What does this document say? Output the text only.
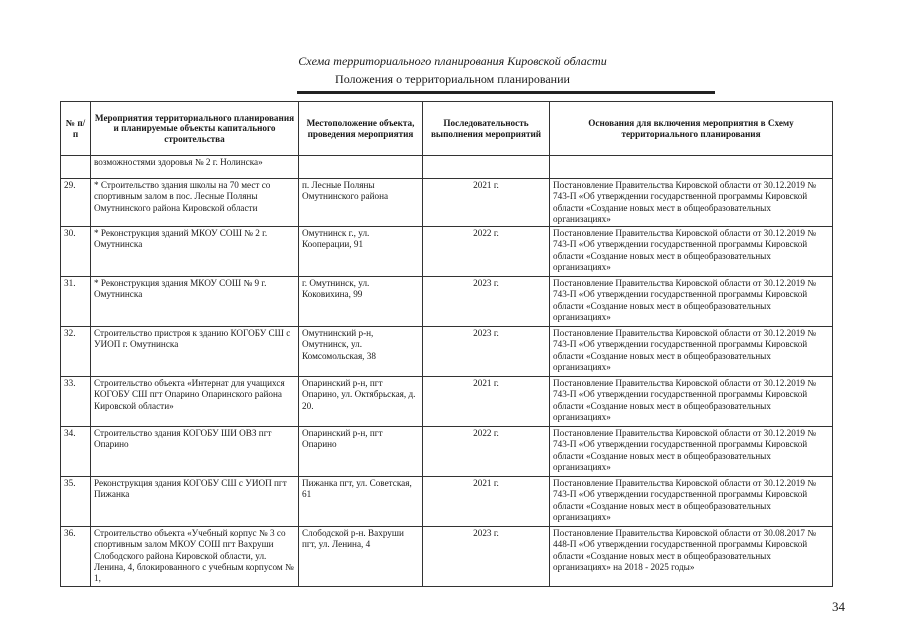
Схема территориального планирования Кировской области
Положения о территориальном планировании
№ п/п	Мероприятия территориального планирования и планируемые объекты капитального строительства	Местоположение объекта, проведения мероприятия	Последовательность выполнения мероприятий	Основания для включения мероприятия в Схему территориального планирования
	возможностями здоровья № 2 г. Нолинска»			
29.	* Строительство здания школы на 70 мест со спортивным залом в пос. Лесные Поляны Омутнинского района Кировской области	п. Лесные Поляны Омутнинского района	2021 г.	Постановление Правительства Кировской области от 30.12.2019 № 743-П «Об утверждении государственной программы Кировской области «Создание новых мест в общеобразовательных организациях»
30.	* Реконструкция зданий МКОУ СОШ № 2 г. Омутнинска	Омутнинск г., ул. Кооперации, 91	2022 г.	Постановление Правительства Кировской области от 30.12.2019 № 743-П «Об утверждении государственной программы Кировской области «Создание новых мест в общеобразовательных организациях»
31.	* Реконструкция здания МКОУ СОШ № 9 г. Омутнинска	г. Омутнинск, ул. Коковихина, 99	2023 г.	Постановление Правительства Кировской области от 30.12.2019 № 743-П «Об утверждении государственной программы Кировской области «Создание новых мест в общеобразовательных организациях»
32.	Строительство пристроя к зданию КОГОБУ СШ с УИОП г. Омутнинска	Омутнинский р-н, Омутнинск, ул. Комсомольская, 38	2023 г.	Постановление Правительства Кировской области от 30.12.2019 № 743-П «Об утверждении государственной программы Кировской области «Создание новых мест в общеобразовательных организациях»
33.	Строительство объекта «Интернат для учащихся КОГОБУ СШ пгт Опарино Опаринского района Кировской области»	Опаринский р-н, пгт Опарино, ул. Октябрьская, д. 20.	2021 г.	Постановление Правительства Кировской области от 30.12.2019 № 743-П «Об утверждении государственной программы Кировской области «Создание новых мест в общеобразовательных организациях»
34.	Строительство здания КОГОБУ ШИ ОВЗ пгт Опарино	Опаринский р-н, пгт Опарино	2022 г.	Постановление Правительства Кировской области от 30.12.2019 № 743-П «Об утверждении государственной программы Кировской области «Создание новых мест в общеобразовательных организациях»
35.	Реконструкция здания КОГОБУ СШ с УИОП пгт Пижанка	Пижанка пгт, ул. Советская, 61	2021 г.	Постановление Правительства Кировской области от 30.12.2019 № 743-П «Об утверждении государственной программы Кировской области «Создание новых мест в общеобразовательных организациях»
36.	Строительство объекта «Учебный корпус № 3 со спортивным залом МКОУ СОШ пгт Вахруши Слободского района Кировской области, ул. Ленина, 4, блокированного с учебным корпусом № 1,	Слободской р-н. Вахруши пгт, ул. Ленина, 4	2023 г.	Постановление Правительства Кировской области от 30.08.2017 № 448-П «Об утверждении государственной программы Кировской области «Создание новых мест в общеобразовательных организациях» на 2018 - 2025 годы»
34
